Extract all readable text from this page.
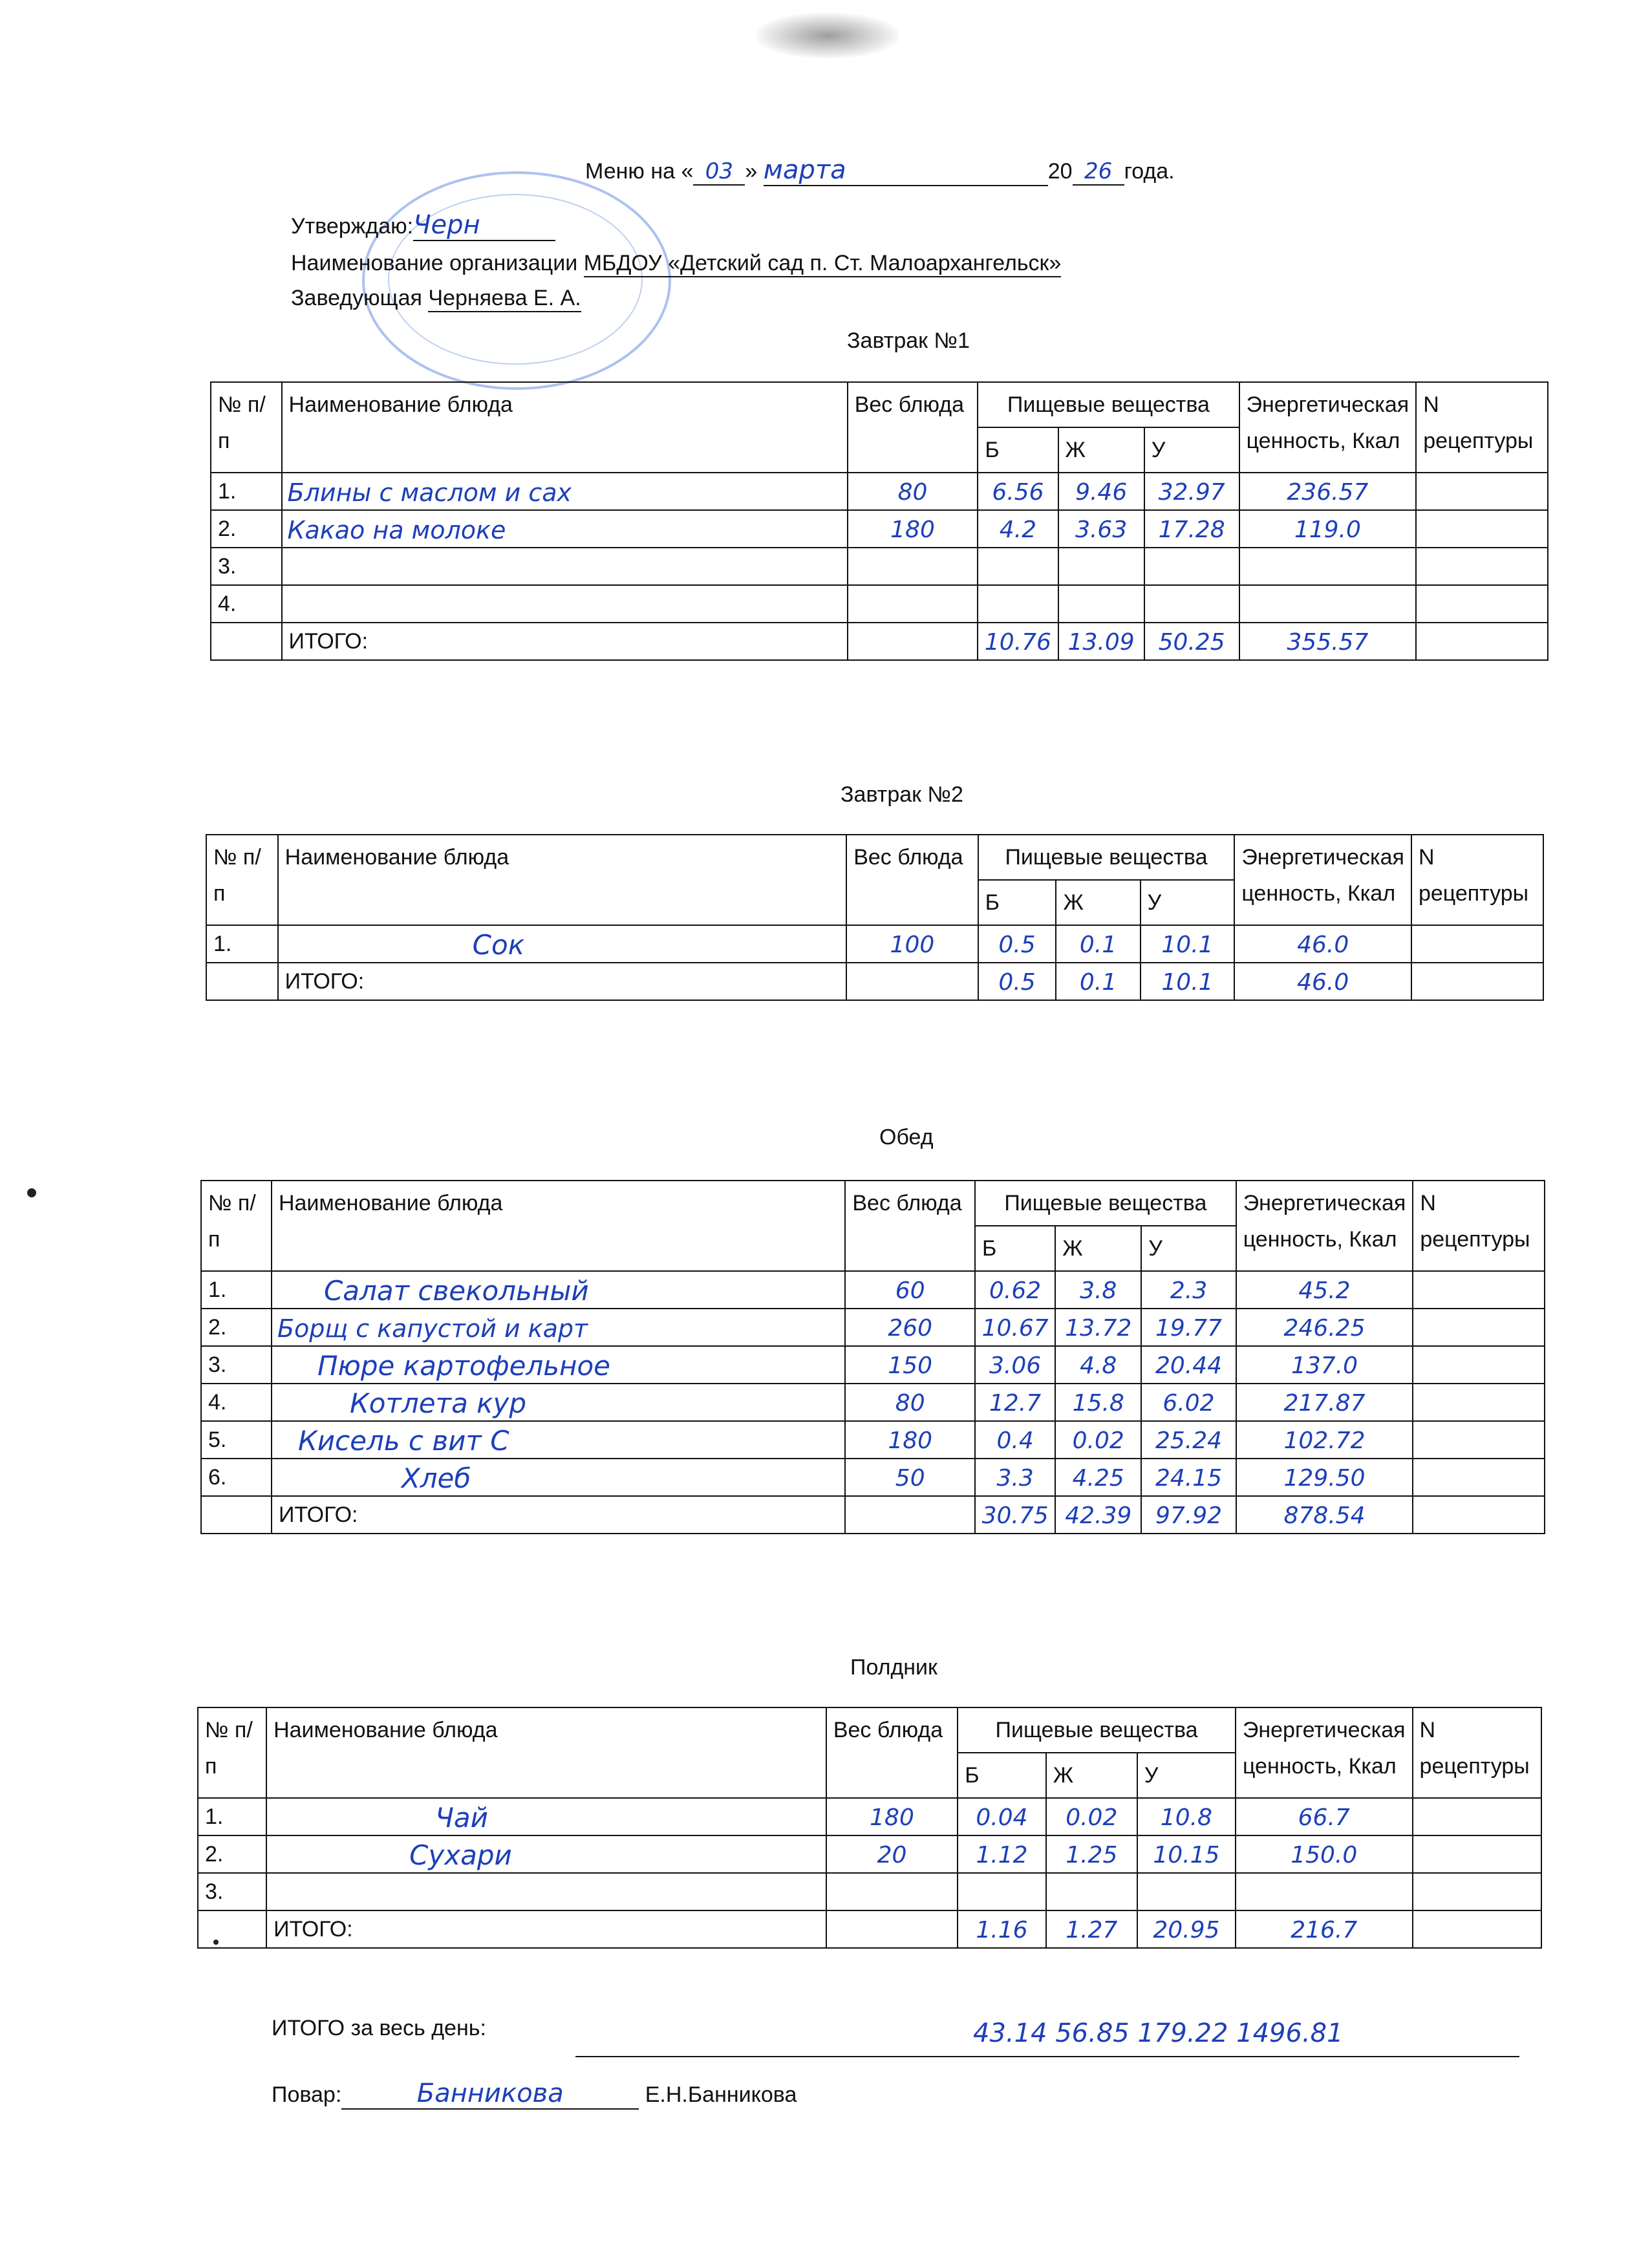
Меню на « 03 » марта	20 26 года.
Утверждаю:Черн
Наименование организации МБДОУ «Детский сад п. Ст. Малоархангельск»
Заведующая Черняева Е. А.
Завтрак №1
№ п/п	Наименование блюда	Вес блюда	Пищевые вещества			Энергетическая ценность, Ккал	N рецептуры
			Б	Ж	У		
1.	Блины с маслом и сах	80	6.56	9.46	32.97	236.57	
2.	Какао на молоке	180	4.2	3.63	17.28	119.0	
3.							
4.							
	ИТОГО:		10.76	13.09	50.25	355.57	
Завтрак №2
№ п/п	Наименование блюда	Вес блюда	Пищевые вещества			Энергетическая ценность, Ккал	N рецептуры
			Б	Ж	У		
1.	Сок	100	0.5	0.1	10.1	46.0	
	ИТОГО:		0.5	0.1	10.1	46.0	
Обед
№ п/п	Наименование блюда	Вес блюда	Пищевые вещества			Энергетическая ценность, Ккал	N рецептуры
			Б	Ж	У		
1.	Салат свекольный	60	0.62	3.8	2.3	45.2	
2.	Борщ с капустой и карт	260	10.67	13.72	19.77	246.25	
3.	Пюре картофельное	150	3.06	4.8	20.44	137.0	
4.	Котлета кур	80	12.7	15.8	6.02	217.87	
5.	Кисель с вит С	180	0.4	0.02	25.24	102.72	
6.	Хлеб	50	3.3	4.25	24.15	129.50	
	ИТОГО:		30.75	42.39	97.92	878.54	
Полдник
№ п/п	Наименование блюда	Вес блюда	Пищевые вещества			Энергетическая ценность, Ккал	N рецептуры
			Б	Ж	У		
1.	Чай	180	0.04	0.02	10.8	66.7	
2.	Сухари	20	1.12	1.25	10.15	150.0	
3.							
	ИТОГО:		1.16	1.27	20.95	216.7	
ИТОГО за весь день:	43.14 56.85 179.22 1496.81
Повар:	Банникова	Е.Н.Банникова
